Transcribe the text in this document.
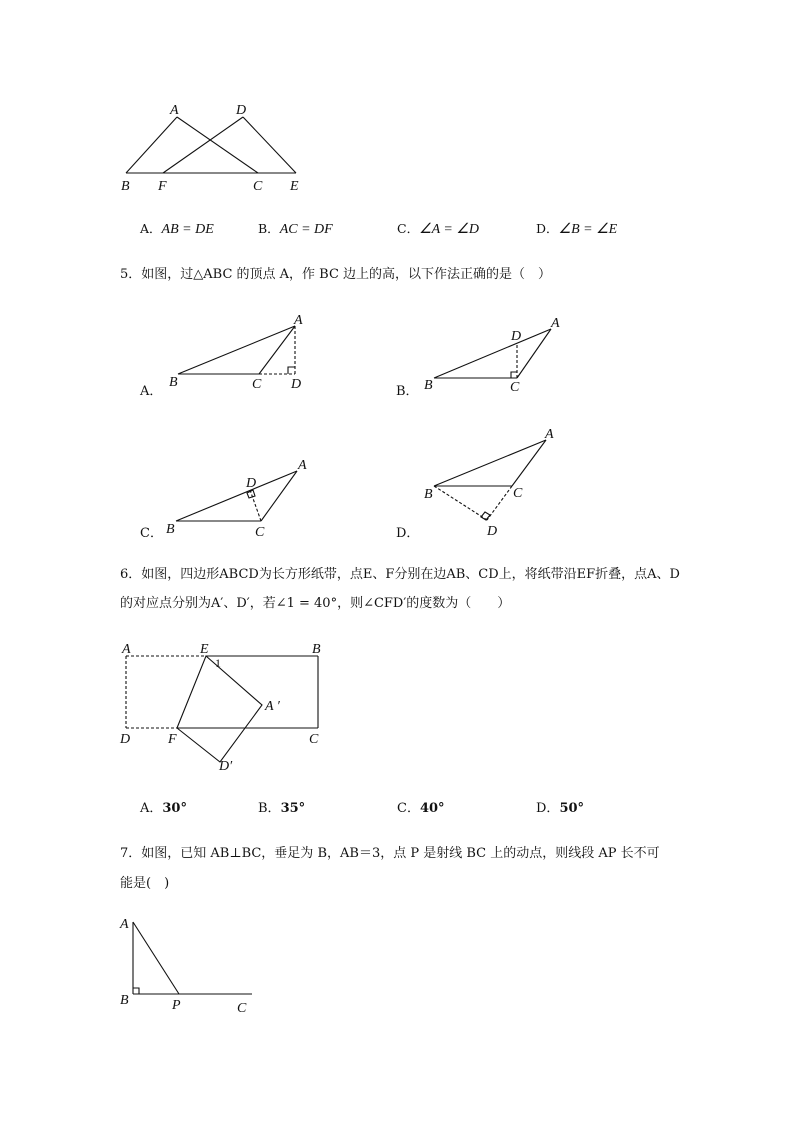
A	D
B F	C E
A．AB = DE	B．AC = DF	C．∠A = ∠D	D．∠B = ∠E
5．如图，过△ABC 的顶点 A，作 BC 边上的高，以下作法正确的是（　）
A
B	C D
A
D
B	C
A
D
B	C
A
B	C
D
A．	B．
C．	D．
6．如图，四边形ABCD为长方形纸带，点E、F分别在边AB、CD上，将纸带沿EF折叠，点A、D
的对应点分别为A′、D′，若∠1 = 40°，则∠CFD′的度数为（　　）
A	E
1
B
A ′
D	F	C
D′
A．30°	B．35°	C．40°	D．50°
7．如图，已知 AB⊥BC，垂足为 B，AB＝3，点 P 是射线 BC 上的动点，则线段 AP 长不可
能是(　)
A
B	P	C
